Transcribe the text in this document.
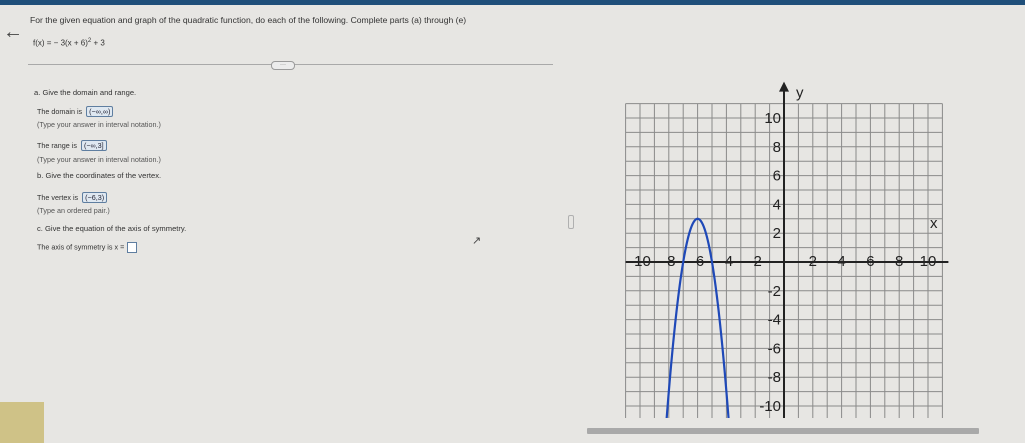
←
For the given equation and graph of the quadratic function, do each of the following. Complete parts (a) through (e)
f(x) = − $3(x + 6)^2 + 3$
···
a. Give the domain and range.
The domain is (−∞,∞)
(Type your answer in interval notation.)
The range is (−∞,3]
(Type your answer in interval notation.)
b. Give the coordinates of the vertex.
The vertex is (−6,3)
(Type an ordered pair.)
c. Give the equation of the axis of symmetry.
The axis of symmetry is x =	↗
x
y
-10 -8 -6 -4 -2	2 4 6 8 10
10
8
6
4
2
-2
-4
-6
-8
-10
